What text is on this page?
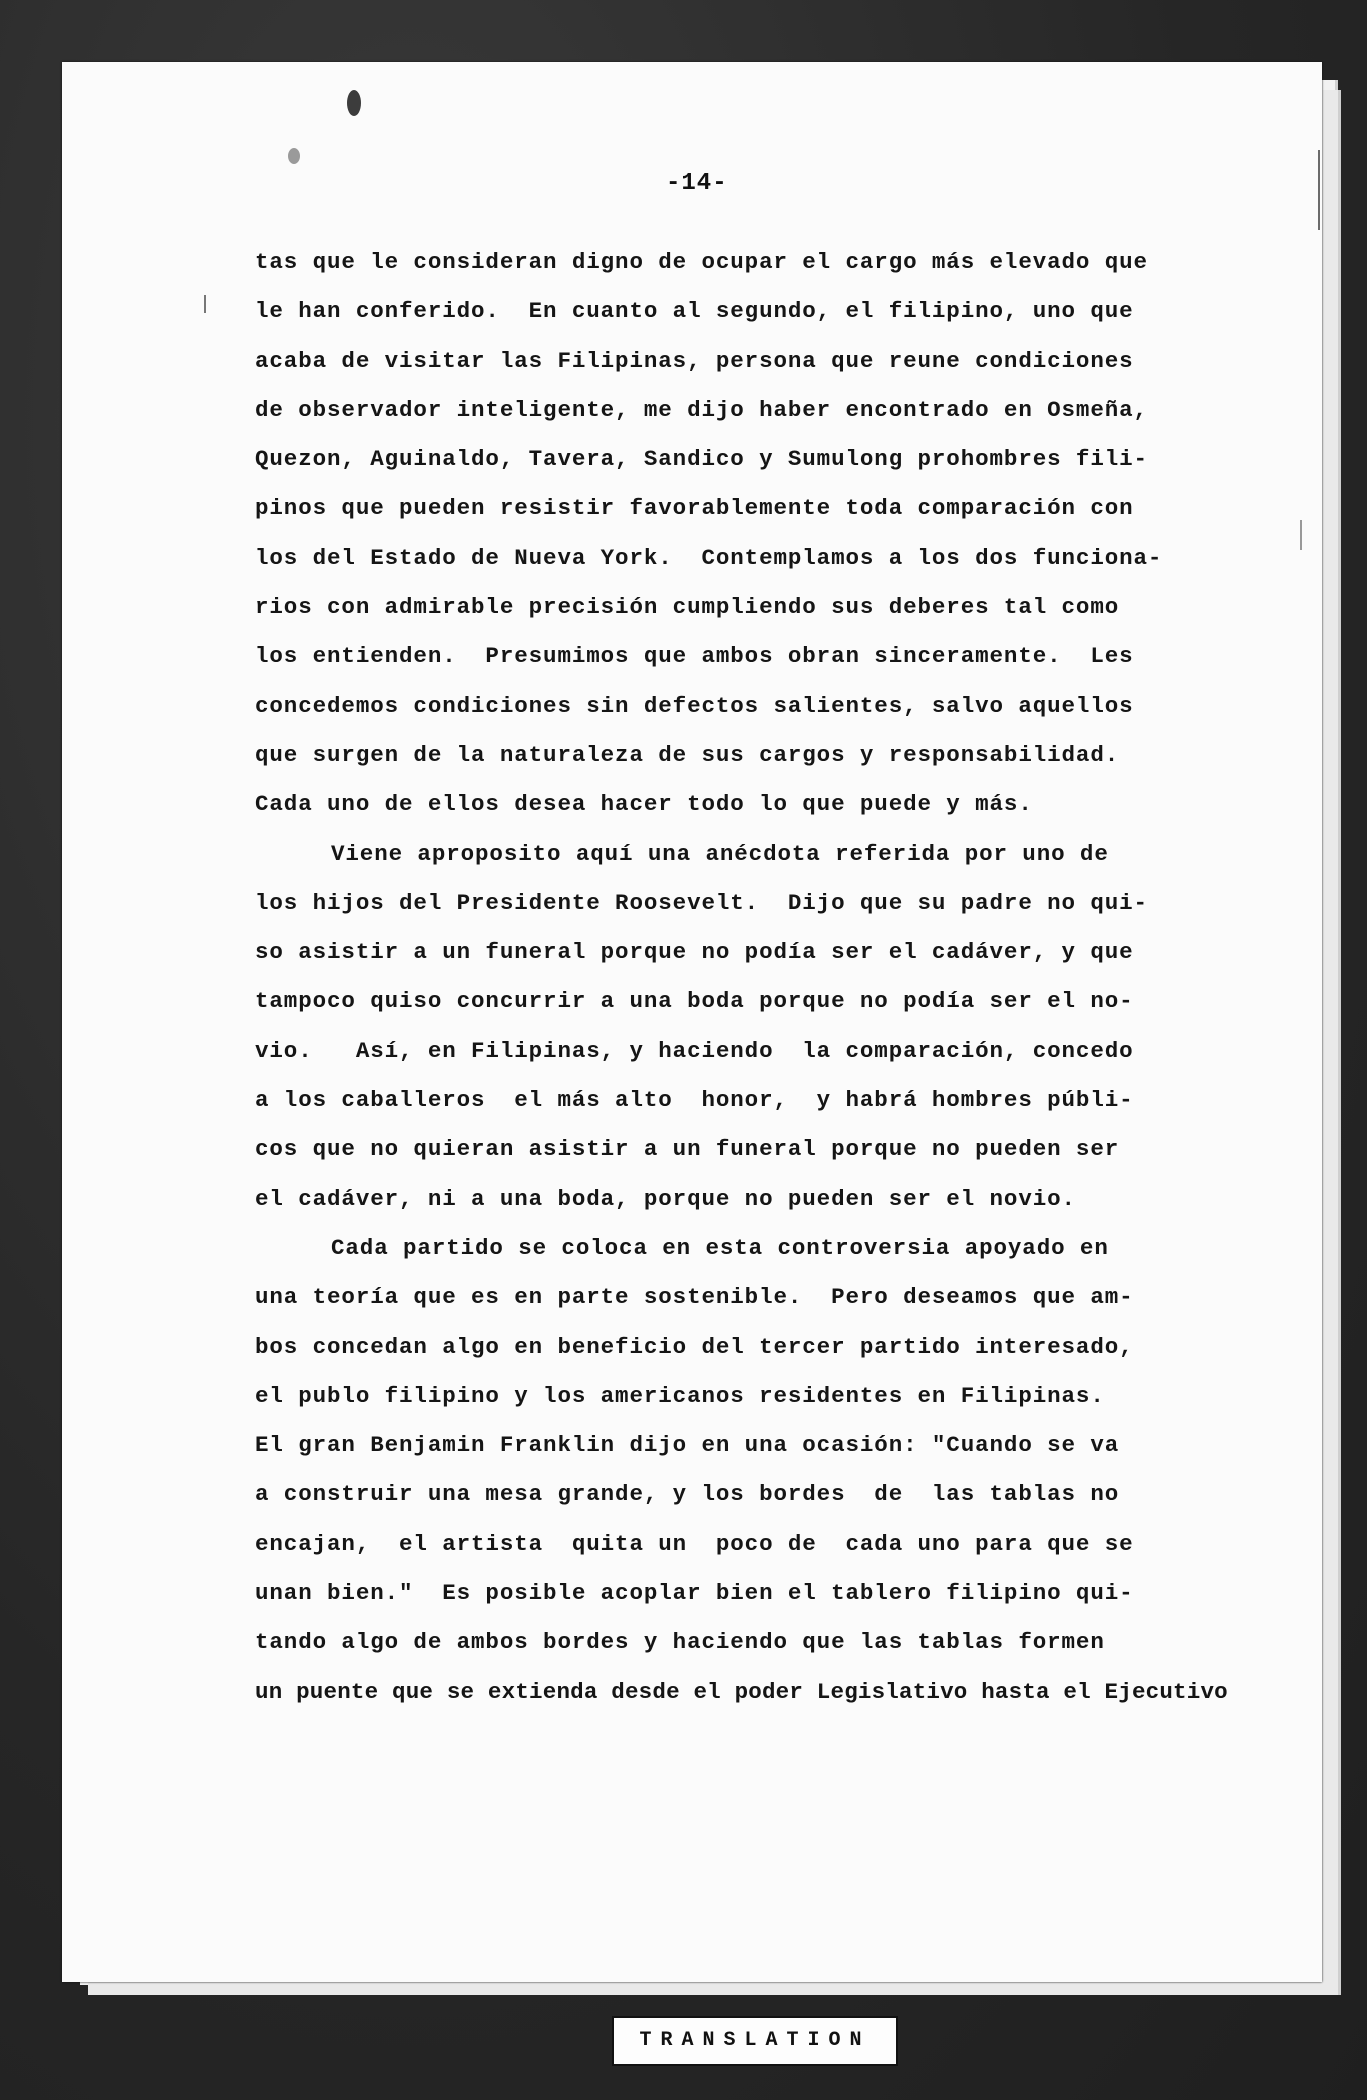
-14-
tas que le consideran digno de ocupar el cargo más elevado que
le han conferido.  En cuanto al segundo, el filipino, uno que
acaba de visitar las Filipinas, persona que reune condiciones
de observador inteligente, me dijo haber encontrado en Osmeña,
Quezon, Aguinaldo, Tavera, Sandico y Sumulong prohombres fili-
pinos que pueden resistir favorablemente toda comparación con
los del Estado de Nueva York.  Contemplamos a los dos funciona-
rios con admirable precisión cumpliendo sus deberes tal como
los entienden.  Presumimos que ambos obran sinceramente.  Les
concedemos condiciones sin defectos salientes, salvo aquellos
que surgen de la naturaleza de sus cargos y responsabilidad.
Cada uno de ellos desea hacer todo lo que puede y más.
Viene aproposito aquí una anécdota referida por uno de
los hijos del Presidente Roosevelt.  Dijo que su padre no qui-
so asistir a un funeral porque no podía ser el cadáver, y que
tampoco quiso concurrir a una boda porque no podía ser el no-
vio.   Así, en Filipinas, y haciendo  la comparación, concedo
a los caballeros  el más alto  honor,  y habrá hombres públi-
cos que no quieran asistir a un funeral porque no pueden ser
el cadáver, ni a una boda, porque no pueden ser el novio.
Cada partido se coloca en esta controversia apoyado en
una teoría que es en parte sostenible.  Pero deseamos que am-
bos concedan algo en beneficio del tercer partido interesado,
el publo filipino y los americanos residentes en Filipinas.
El gran Benjamin Franklin dijo en una ocasión: "Cuando se va
a construir una mesa grande, y los bordes  de  las tablas no
encajan,  el artista  quita un  poco de  cada uno para que se
unan bien."  Es posible acoplar bien el tablero filipino qui-
tando algo de ambos bordes y haciendo que las tablas formen
un puente que se extienda desde el poder Legislativo hasta el Ejecutivo
TRANSLATION
